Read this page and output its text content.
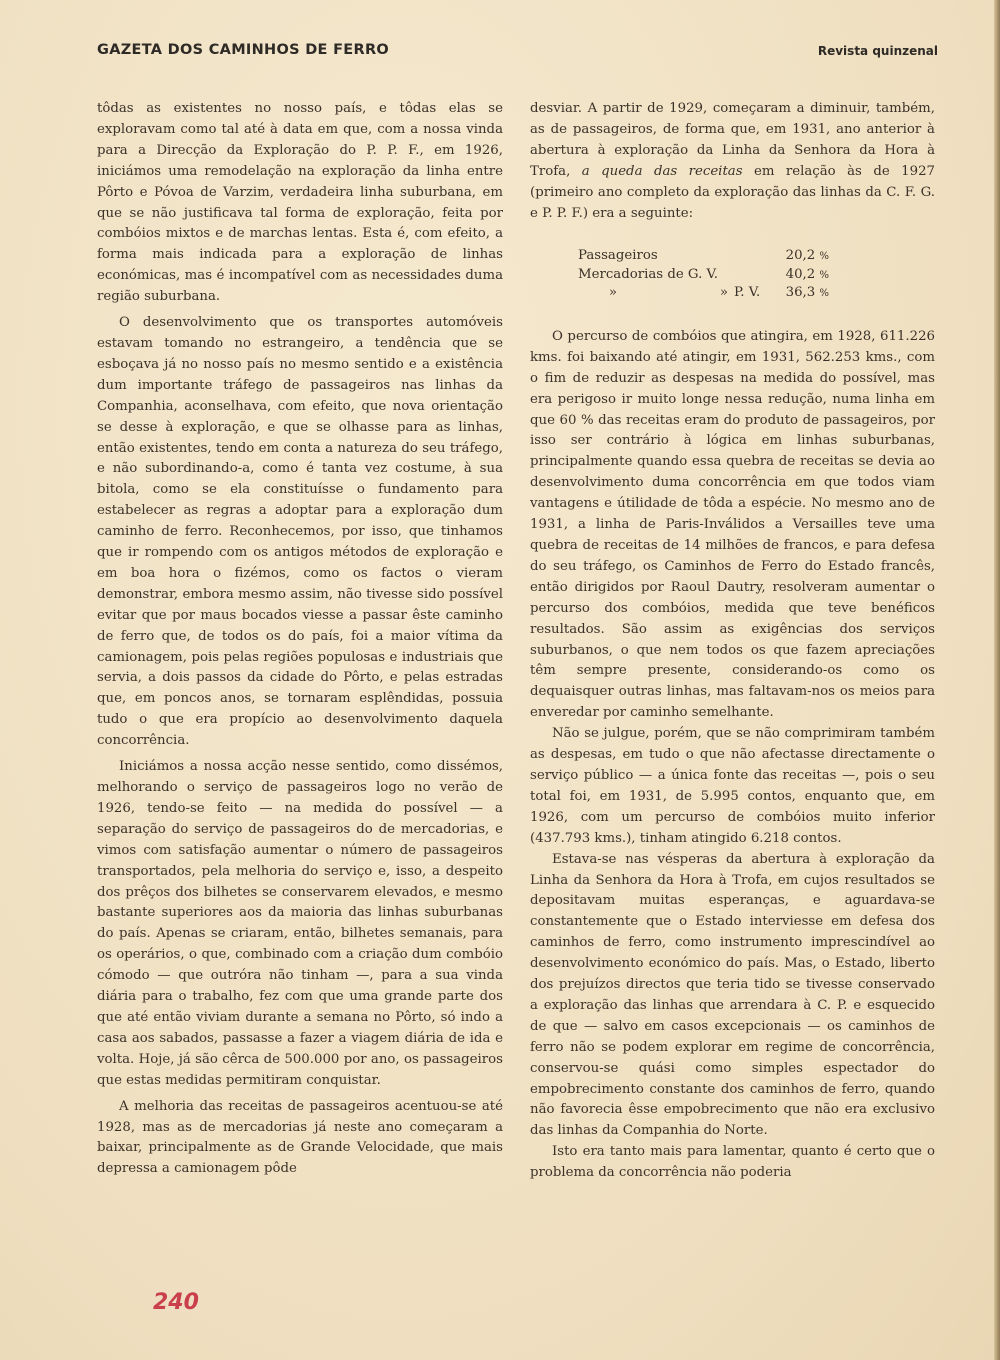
GAZETA DOS CAMINHOS DE FERRO	Revista quinzenal

tôdas as existentes no nosso país, e tôdas elas se exploravam como tal até à data em que, com a nossa vinda para a Direcção da Exploração do P. P. F., em 1926, iniciámos uma remodelação na exploração da linha entre Pôrto e Póvoa de Varzim, verdadeira linha suburbana, em que se não justificava tal forma de exploração, feita por combóios mixtos e de marchas lentas. Esta é, com efeito, a forma mais indicada para a exploração de linhas económicas, mas é incompatível com as necessidades duma região suburbana.

O desenvolvimento que os transportes automóveis estavam tomando no estrangeiro, a tendência que se esboçava já no nosso país no mesmo sentido e a existência dum importante tráfego de passageiros nas linhas da Companhia, aconselhava, com efeito, que nova orientação se desse à exploração, e que se olhasse para as linhas, então existentes, tendo em conta a natureza do seu tráfego, e não subordinando-a, como é tanta vez costume, à sua bitola, como se ela constituísse o fundamento para estabelecer as regras a adoptar para a exploração dum caminho de ferro. Reconhecemos, por isso, que tinhamos que ir rompendo com os antigos métodos de exploração e em boa hora o fizémos, como os factos o vieram demonstrar, embora mesmo assim, não tivesse sido possível evitar que por maus bocados viesse a passar êste caminho de ferro que, de todos os do país, foi a maior vítima da camionagem, pois pelas regiões populosas e industriais que servia, a dois passos da cidade do Pôrto, e pelas estradas que, em poncos anos, se tornaram esplêndidas, possuia tudo o que era propício ao desenvolvimento daquela concorrência.

Iniciámos a nossa acção nesse sentido, como dissémos, melhorando o serviço de passageiros logo no verão de 1926, tendo-se feito — na medida do possível — a separação do serviço de passageiros do de mercadorias, e vimos com satisfação aumentar o número de passageiros transportados, pela melhoria do serviço e, isso, a despeito dos prêços dos bilhetes se conservarem elevados, e mesmo bastante superiores aos da maioria das linhas suburbanas do país. Apenas se criaram, então, bilhetes semanais, para os operários, o que, combinado com a criação dum combóio cómodo — que outróra não tinham —, para a sua vinda diária para o trabalho, fez com que uma grande parte dos que até então viviam durante a semana no Pôrto, só indo a casa aos sabados, passasse a fazer a viagem diária de ida e volta. Hoje, já são cêrca de 500.000 por ano, os passageiros que estas medidas permitiram conquistar.

A melhoria das receitas de passageiros acentuou-se até 1928, mas as de mercadorias já neste ano começaram a baixar, principalmente as de Grande Velocidade, que mais depressa a camionagem pôde

desviar. A partir de 1929, começaram a diminuir, também, as de passageiros, de forma que, em 1931, ano anterior à abertura à exploração da Linha da Senhora da Hora à Trofa, a queda das receitas em relação às de 1927 (primeiro ano completo da exploração das linhas da C. F. G. e P. P. F.) era a seguinte:

Passageiros			20,2 %
Mercadorias de G. V.			40,2 %
»	»	P. V.	36,3 %

O percurso de combóios que atingira, em 1928, 611.226 kms. foi baixando até atingir, em 1931, 562.253 kms., com o fim de reduzir as despesas na medida do possível, mas era perigoso ir muito longe nessa redução, numa linha em que 60 % das receitas eram do produto de passageiros, por isso ser contrário à lógica em linhas suburbanas, principalmente quando essa quebra de receitas se devia ao desenvolvimento duma concorrência em que todos viam vantagens e útilidade de tôda a espécie. No mesmo ano de 1931, a linha de Paris-Inválidos a Versailles teve uma quebra de receitas de 14 milhões de francos, e para defesa do seu tráfego, os Caminhos de Ferro do Estado francês, então dirigidos por Raoul Dautry, resolveram aumentar o percurso dos combóios, medida que teve benéficos resultados. São assim as exigências dos serviços suburbanos, o que nem todos os que fazem apreciações têm sempre presente, considerando-os como os dequaisquer outras linhas, mas faltavam-nos os meios para enveredar por caminho semelhante.

Não se julgue, porém, que se não comprimiram também as despesas, em tudo o que não afectasse directamente o serviço público — a única fonte das receitas —, pois o seu total foi, em 1931, de 5.995 contos, enquanto que, em 1926, com um percurso de combóios muito inferior (437.793 kms.), tinham atingido 6.218 contos.

Estava-se nas vésperas da abertura à exploração da Linha da Senhora da Hora à Trofa, em cujos resultados se depositavam muitas esperanças, e aguardava-se constantemente que o Estado interviesse em defesa dos caminhos de ferro, como instrumento imprescindível ao desenvolvimento económico do país. Mas, o Estado, liberto dos prejuízos directos que teria tido se tivesse conservado a exploração das linhas que arrendara à C. P. e esquecido de que — salvo em casos excepcionais — os caminhos de ferro não se podem explorar em regime de concorrência, conservou-se quási como simples espectador do empobrecimento constante dos caminhos de ferro, quando não favorecia êsse empobrecimento que não era exclusivo das linhas da Companhia do Norte.

Isto era tanto mais para lamentar, quanto é certo que o problema da concorrência não poderia

240
